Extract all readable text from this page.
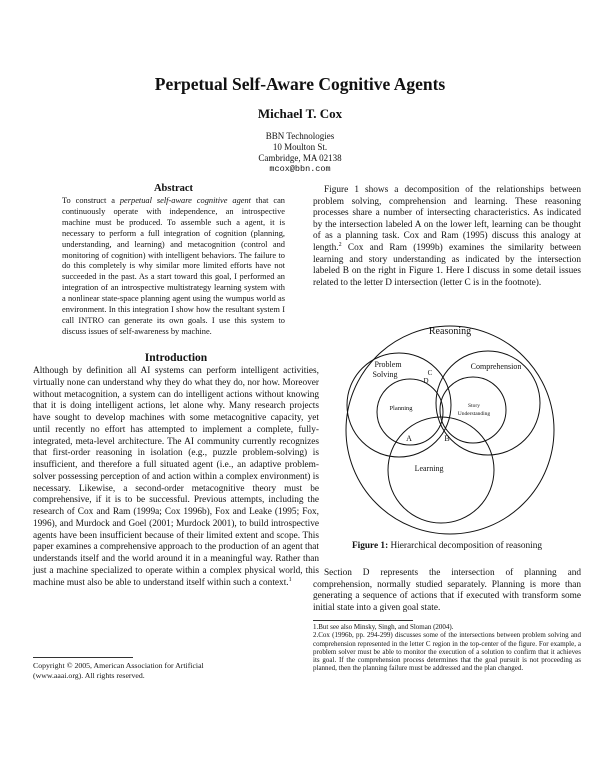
Perpetual Self-Aware Cognitive Agents
Michael T. Cox
BBN Technologies
10 Moulton St.
Cambridge, MA 02138
mcox@bbn.com
Abstract
To construct a perpetual self-aware cognitive agent that can continuously operate with independence, an introspective machine must be produced. To assemble such a agent, it is necessary to perform a full integration of cognition (planning, understanding, and learning) and metacognition (control and monitoring of cognition) with intelligent behaviors. The failure to do this completely is why similar more limited efforts have not succeeded in the past. As a start toward this goal, I performed an integration of an introspective multistrategy learning system with a nonlinear state-space planning agent using the wumpus world as environment. In this integration I show how the resultant system I call INTRO can generate its own goals. I use this system to discuss issues of self-awareness by machine.
Introduction
Although by definition all AI systems can perform intelligent activities, virtually none can understand why they do what they do, nor how. Moreover without metacognition, a system can do intelligent actions without knowing that it is doing intelligent actions, let alone why. Many research projects have sought to develop machines with some metacognitive capacity, yet until recently no effort has attempted to implement a complete, fully-integrated, meta-level architecture. The AI community currently recognizes that first-order reasoning in isolation (e.g., puzzle problem-solving) is insufficient, and therefore a full situated agent (i.e., an adaptive problem-solver possessing perception of and action within a complex environment) is necessary. Likewise, a second-order metacognitive theory must be comprehensive, if it is to be successful. Previous attempts, including the research of Cox and Ram (1999a; Cox 1996b), Fox and Leake (1995; Fox, 1996), and Murdock and Goel (2001; Murdock 2001), to build introspective agents have been insufficient because of their limited extent and scope. This paper examines a comprehensive approach to the production of an agent that understands itself and the world around it in a meaningful way. Rather than just a machine specialized to operate within a complex physical world, this machine must also be able to understand itself within such a context.$^1$
Copyright © 2005, American Association for Artificial
(www.aaai.org). All rights reserved.
Figure 1 shows a decomposition of the relationships between problem solving, comprehension and learning. These reasoning processes share a number of intersecting characteristics. As indicated by the intersection labeled A on the lower left, learning can be thought of as a planning task. Cox and Ram (1995) discuss this analogy at length.$^2$ Cox and Ram (1999b) examines the similarity between learning and story understanding as indicated by the intersection labeled B on the right in Figure 1. Here I discuss in some detail issues related to the letter D intersection (letter C is in the footnote).
Reasoning
Problem
Solving
Comprehension
Planning	Story
Understanding
Learning
A	B
C
D
Figure 1: Hierarchical decomposition of reasoning
Section D represents the intersection of planning and comprehension, normally studied separately. Planning is more than generating a sequence of actions that if executed with transform some initial state into a given goal state.

1.But see also Minsky, Singh, and Sloman (2004).

2.Cox (1996b, pp. 294-299) discusses some of the intersections between problem solving and comprehension represented in the letter C region in the top-center of the figure. For example, a problem solver must be able to monitor the execution of a solution to confirm that it achieves its goal. If the comprehension process determines that the goal pursuit is not proceeding as planned, then the planning failure must be addressed and the plan changed.
